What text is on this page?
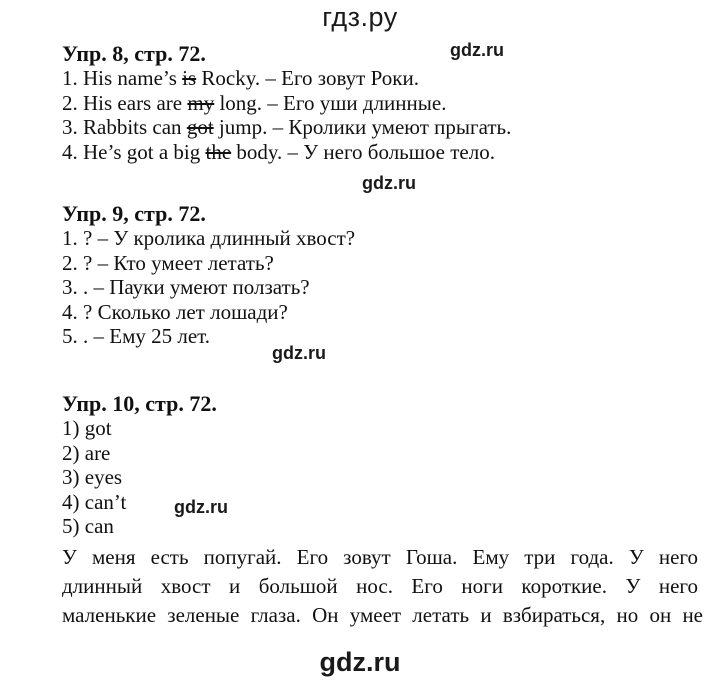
гдз.ру
Упр. 8, стр. 72.
1. His name’s is Rocky. – Его зовут Роки.
2. His ears are my long. – Его уши длинные.
3. Rabbits can got jump. – Кролики умеют прыгать.
4. He’s got a big the body. – У него большое тело.
gdz.ru
gdz.ru
Упр. 9, стр. 72.
1. ? – У кролика длинный хвост?
2. ? – Кто умеет летать?
3. . – Пауки умеют ползать?
4. ? Сколько лет лошади?
5. . – Ему 25 лет.
gdz.ru
Упр. 10, стр. 72.
1) got
2) are
3) eyes
4) can’t
5) can
gdz.ru
У меня есть попугай. Его зовут Гоша. Ему три года. У него
длинный хвост и большой нос. Его ноги короткие. У него
маленькие зеленые глаза. Он умеет летать и взбираться, но он не
gdz.ru
